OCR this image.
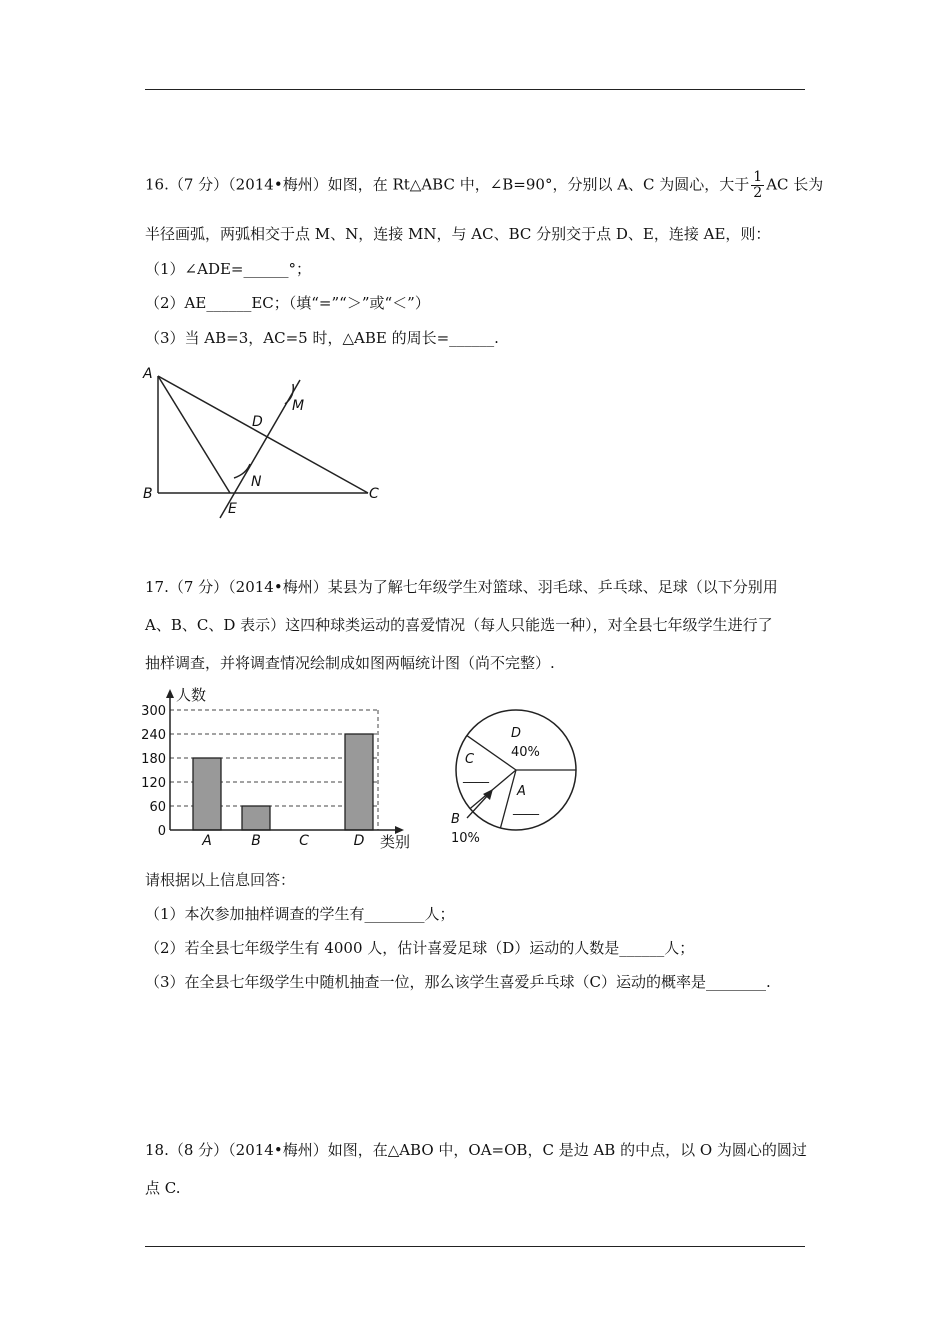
16.（7 分）（2014•梅州）如图，在 Rt△ABC 中，∠B=90°，分别以 A、C 为圆心，大于 $\frac{1}{2}$ AC 长为
半径画弧，两弧相交于点 M、N，连接 MN，与 AC、BC 分别交于点 D、E，连接 AE，则：
（1）∠ADE=______°；
（2）AE______EC；（填“=”“＞”或“＜”）
（3）当 AB=3，AC=5 时，△ABE 的周长=______.
A
B	C
D
E
M
N
17.（7 分）（2014•梅州）某县为了解七年级学生对篮球、羽毛球、乒乓球、足球（以下分别用
A、B、C、D 表示）这四种球类运动的喜爱情况（每人只能选一种），对全县七年级学生进行了
抽样调查，并将调查情况绘制成如图两幅统计图（尚不完整）.
0
60
120
180
240
300
A	B	C	D
人数
类别
D
40%
C
____
A
____
B
10%
请根据以上信息回答：
（1）本次参加抽样调查的学生有________人；
（2）若全县七年级学生有 4000 人，估计喜爱足球（D）运动的人数是______人；
（3）在全县七年级学生中随机抽查一位，那么该学生喜爱乒乓球（C）运动的概率是________.
18.（8 分）（2014•梅州）如图，在△ABO 中，OA=OB，C 是边 AB 的中点，以 O 为圆心的圆过
点 C.
